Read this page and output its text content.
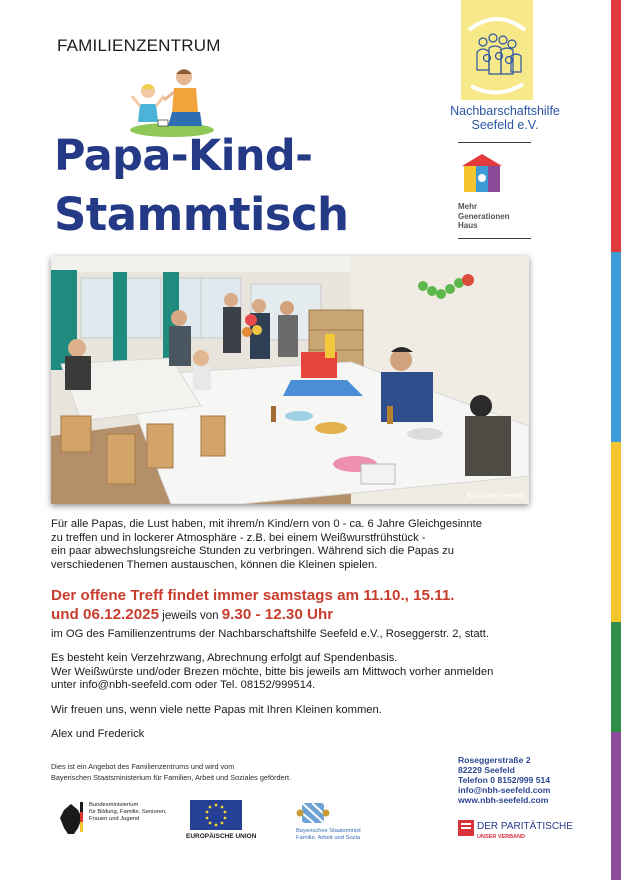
FAMILIENZENTRUM
Papa-Kind-
Stammtisch
Nachbarschaftshilfe
Seefeld e.V.
Mehr
Generationen
Haus
Bild: NBH-Seefeld
Für alle Papas, die Lust haben, mit ihrem/n Kind/ern von 0 - ca. 6 Jahre Gleichgesinnte
zu treffen und in lockerer Atmosphäre - z.B. bei einem Weißwurstfrühstück -
ein paar abwechslungsreiche Stunden zu verbringen. Während sich die Papas zu
verschiedenen Themen austauschen, können die Kleinen spielen.
Der offene Treff findet immer samstags am 11.10., 15.11.
und 06.12.2025 jeweils von 9.30 - 12.30 Uhr
im OG des Familienzentrums der Nachbarschaftshilfe Seefeld e.V., Roseggerstr. 2, statt.
Es besteht kein Verzehrzwang, Abrechnung erfolgt auf Spendenbasis.
Wer Weißwürste und/oder Brezen möchte, bitte bis jeweils am Mittwoch vorher anmelden
unter info@nbh-seefeld.com oder Tel. 08152/999514.
Wir freuen uns, wenn viele nette Papas mit Ihren Kleinen kommen.
Alex und Frederick
Dies ist ein Angebot des Familienzentrums und wird vom
Bayerischen Staatsministerium für Familien, Arbeit und Soziales gefördert.
Roseggerstraße 2
82229 Seefeld
Telefon 0 8152/999 514
info@nbh-seefeld.com
www.nbh-seefeld.com
Bundesministerium
für Bildung, Familie, Senioren,
Frauen und Jugend
EUROPÄISCHE UNION
Bayerisches Staatsminist
Familie, Arbeit und Sozia
DER PARITÄTISCHE
UNSER VERBAND
